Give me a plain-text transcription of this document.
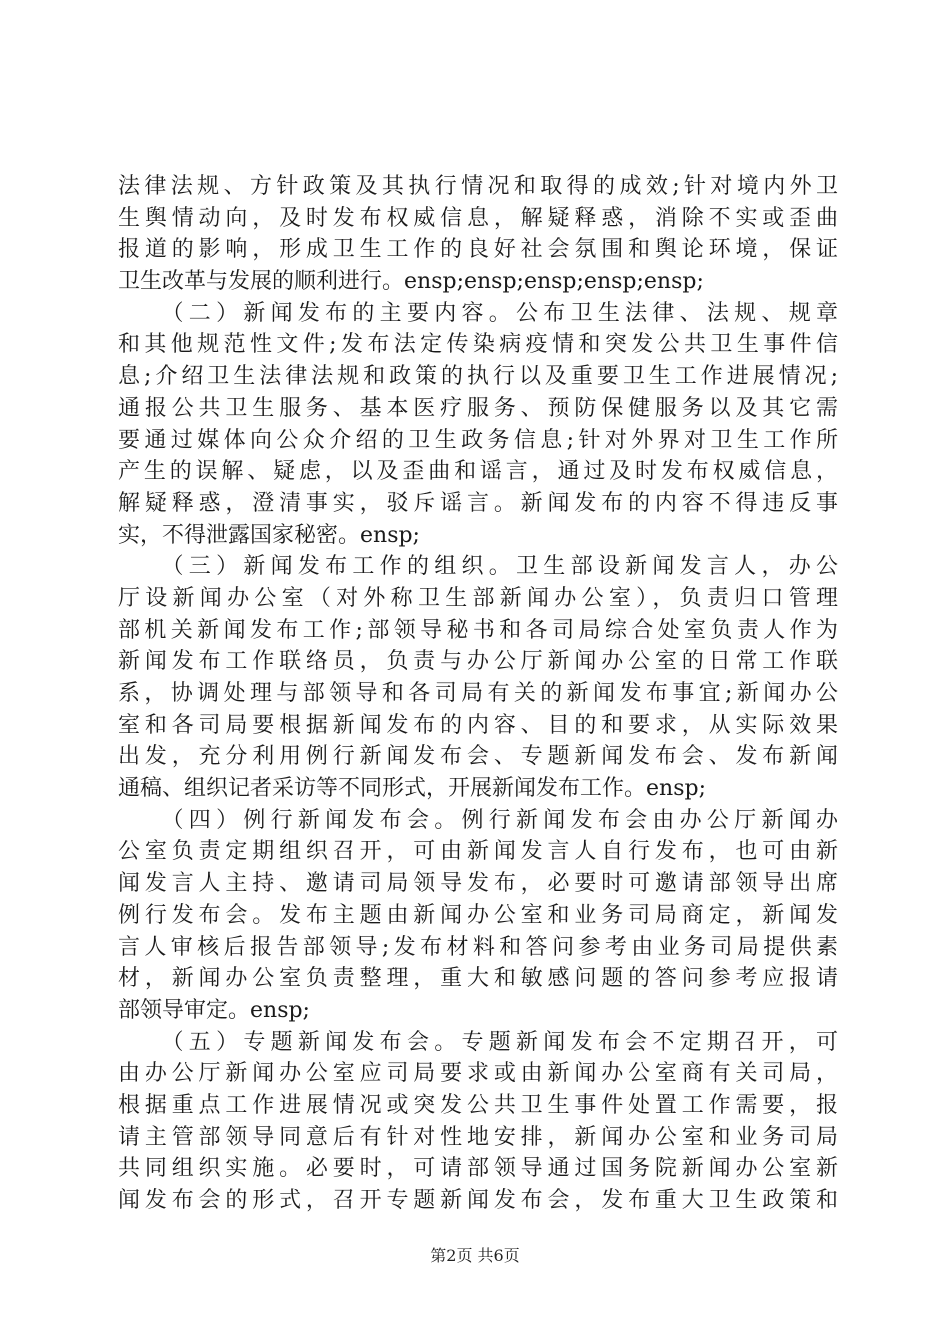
法律法规、方针政策及其执行情况和取得的成效;针对境内外卫
生舆情动向，及时发布权威信息，解疑释惑，消除不实或歪曲
报道的影响，形成卫生工作的良好社会氛围和舆论环境，保证
卫生改革与发展的顺利进行。ensp;ensp;ensp;ensp;ensp;
　　（二）新闻发布的主要内容。公布卫生法律、法规、规章
和其他规范性文件;发布法定传染病疫情和突发公共卫生事件信
息;介绍卫生法律法规和政策的执行以及重要卫生工作进展情况;
通报公共卫生服务、基本医疗服务、预防保健服务以及其它需
要通过媒体向公众介绍的卫生政务信息;针对外界对卫生工作所
产生的误解、疑虑，以及歪曲和谣言，通过及时发布权威信息，
解疑释惑，澄清事实，驳斥谣言。新闻发布的内容不得违反事
实，不得泄露国家秘密。ensp;
　　（三）新闻发布工作的组织。卫生部设新闻发言人，办公
厅设新闻办公室（对外称卫生部新闻办公室），负责归口管理
部机关新闻发布工作;部领导秘书和各司局综合处室负责人作为
新闻发布工作联络员，负责与办公厅新闻办公室的日常工作联
系，协调处理与部领导和各司局有关的新闻发布事宜;新闻办公
室和各司局要根据新闻发布的内容、目的和要求，从实际效果
出发，充分利用例行新闻发布会、专题新闻发布会、发布新闻
通稿、组织记者采访等不同形式，开展新闻发布工作。ensp;
　　（四）例行新闻发布会。例行新闻发布会由办公厅新闻办
公室负责定期组织召开，可由新闻发言人自行发布，也可由新
闻发言人主持、邀请司局领导发布，必要时可邀请部领导出席
例行发布会。发布主题由新闻办公室和业务司局商定，新闻发
言人审核后报告部领导;发布材料和答问参考由业务司局提供素
材，新闻办公室负责整理，重大和敏感问题的答问参考应报请
部领导审定。ensp;
　　（五）专题新闻发布会。专题新闻发布会不定期召开，可
由办公厅新闻办公室应司局要求或由新闻办公室商有关司局，
根据重点工作进展情况或突发公共卫生事件处置工作需要，报
请主管部领导同意后有针对性地安排，新闻办公室和业务司局
共同组织实施。必要时，可请部领导通过国务院新闻办公室新
闻发布会的形式，召开专题新闻发布会，发布重大卫生政策和
第2页 共6页
